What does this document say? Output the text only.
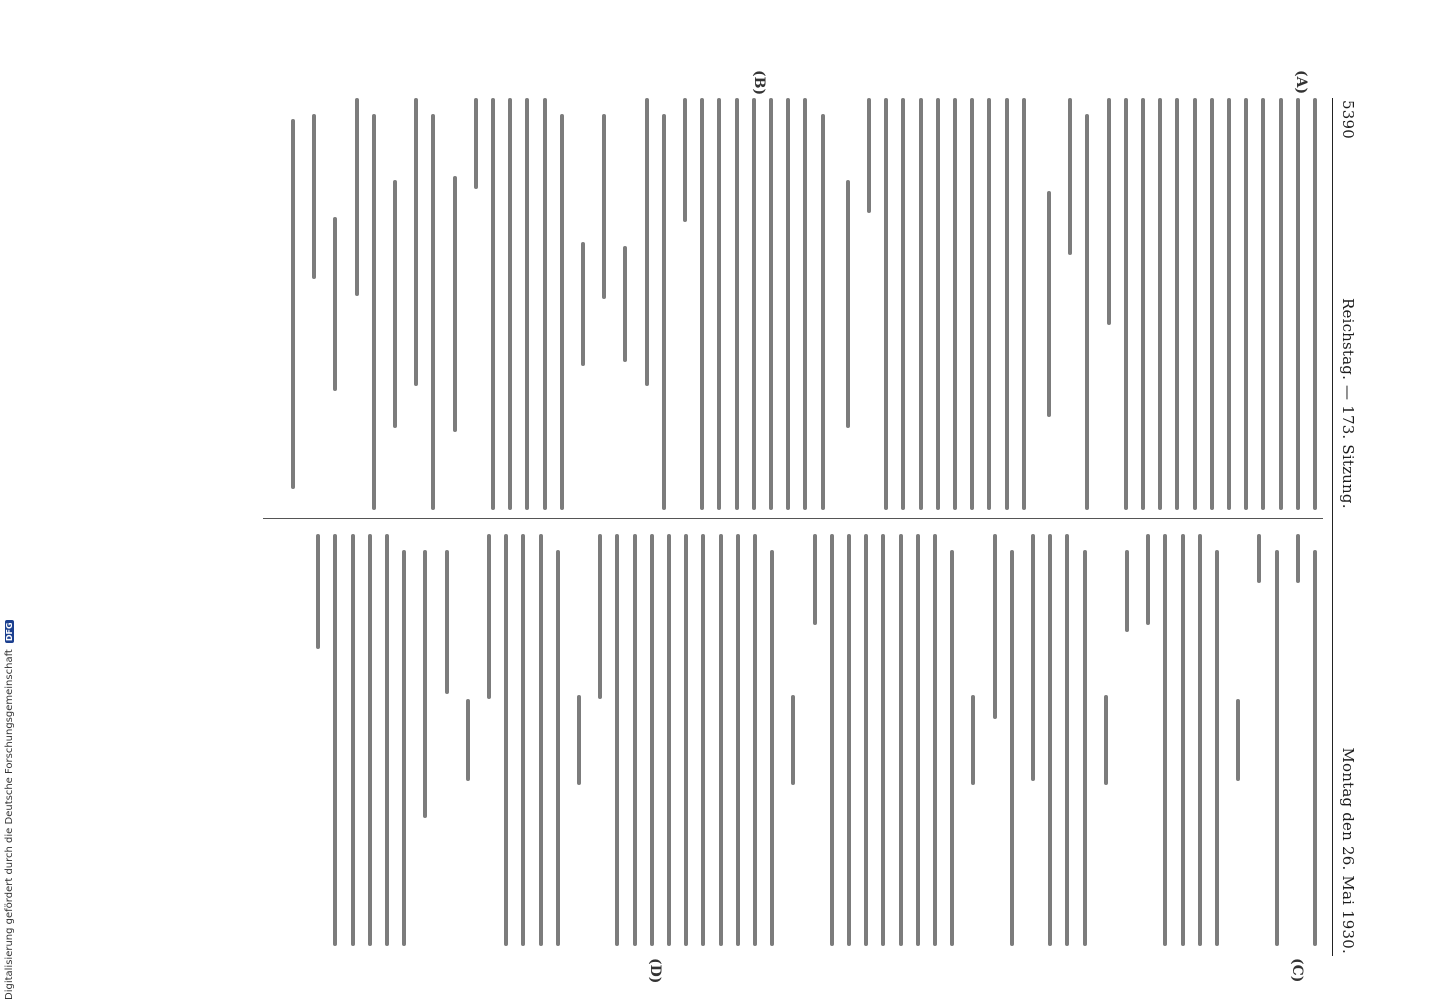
Digitalisierung gefördert durch die Deutsche Forschungsgemeinschaft
DFG
5390
Reichstag. — 173. Sitzung.
Montag den 26. Mai 1930.
(A)
(B)
(C)
(D)
